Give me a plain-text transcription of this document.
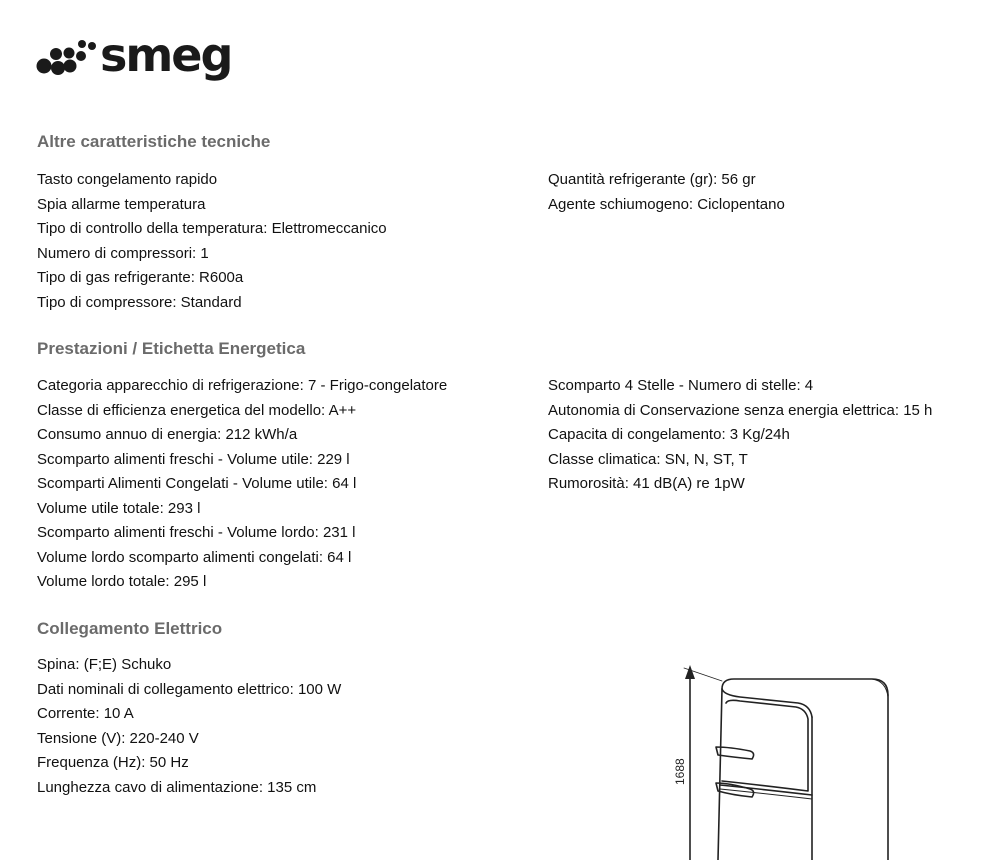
smeg
Altre caratteristiche tecniche
Tasto congelamento rapido
Spia allarme temperatura
Tipo di controllo della temperatura: Elettromeccanico
Numero di compressori: 1
Tipo di gas refrigerante: R600a
Tipo di compressore: Standard
Quantità refrigerante (gr): 56 gr
Agente schiumogeno: Ciclopentano
Prestazioni / Etichetta Energetica
Categoria apparecchio di refrigerazione: 7 - Frigo-congelatore
Classe di efficienza energetica del modello: A++
Consumo annuo di energia: 212 kWh/a
Scomparto alimenti freschi - Volume utile: 229 l
Scomparti Alimenti Congelati - Volume utile: 64 l
Volume utile totale: 293 l
Scomparto alimenti freschi - Volume lordo: 231 l
Volume lordo scomparto alimenti congelati: 64 l
Volume lordo totale: 295 l
Scomparto 4 Stelle - Numero di stelle: 4
Autonomia di Conservazione senza energia elettrica: 15 h
Capacita di congelamento: 3 Kg/24h
Classe climatica: SN, N, ST, T
Rumorosità: 41 dB(A) re 1pW
Collegamento Elettrico
Spina: (F;E) Schuko
Dati nominali di collegamento elettrico: 100 W
Corrente: 10 A
Tensione (V): 220-240 V
Frequenza (Hz): 50 Hz
Lunghezza cavo di alimentazione: 135 cm
1688
